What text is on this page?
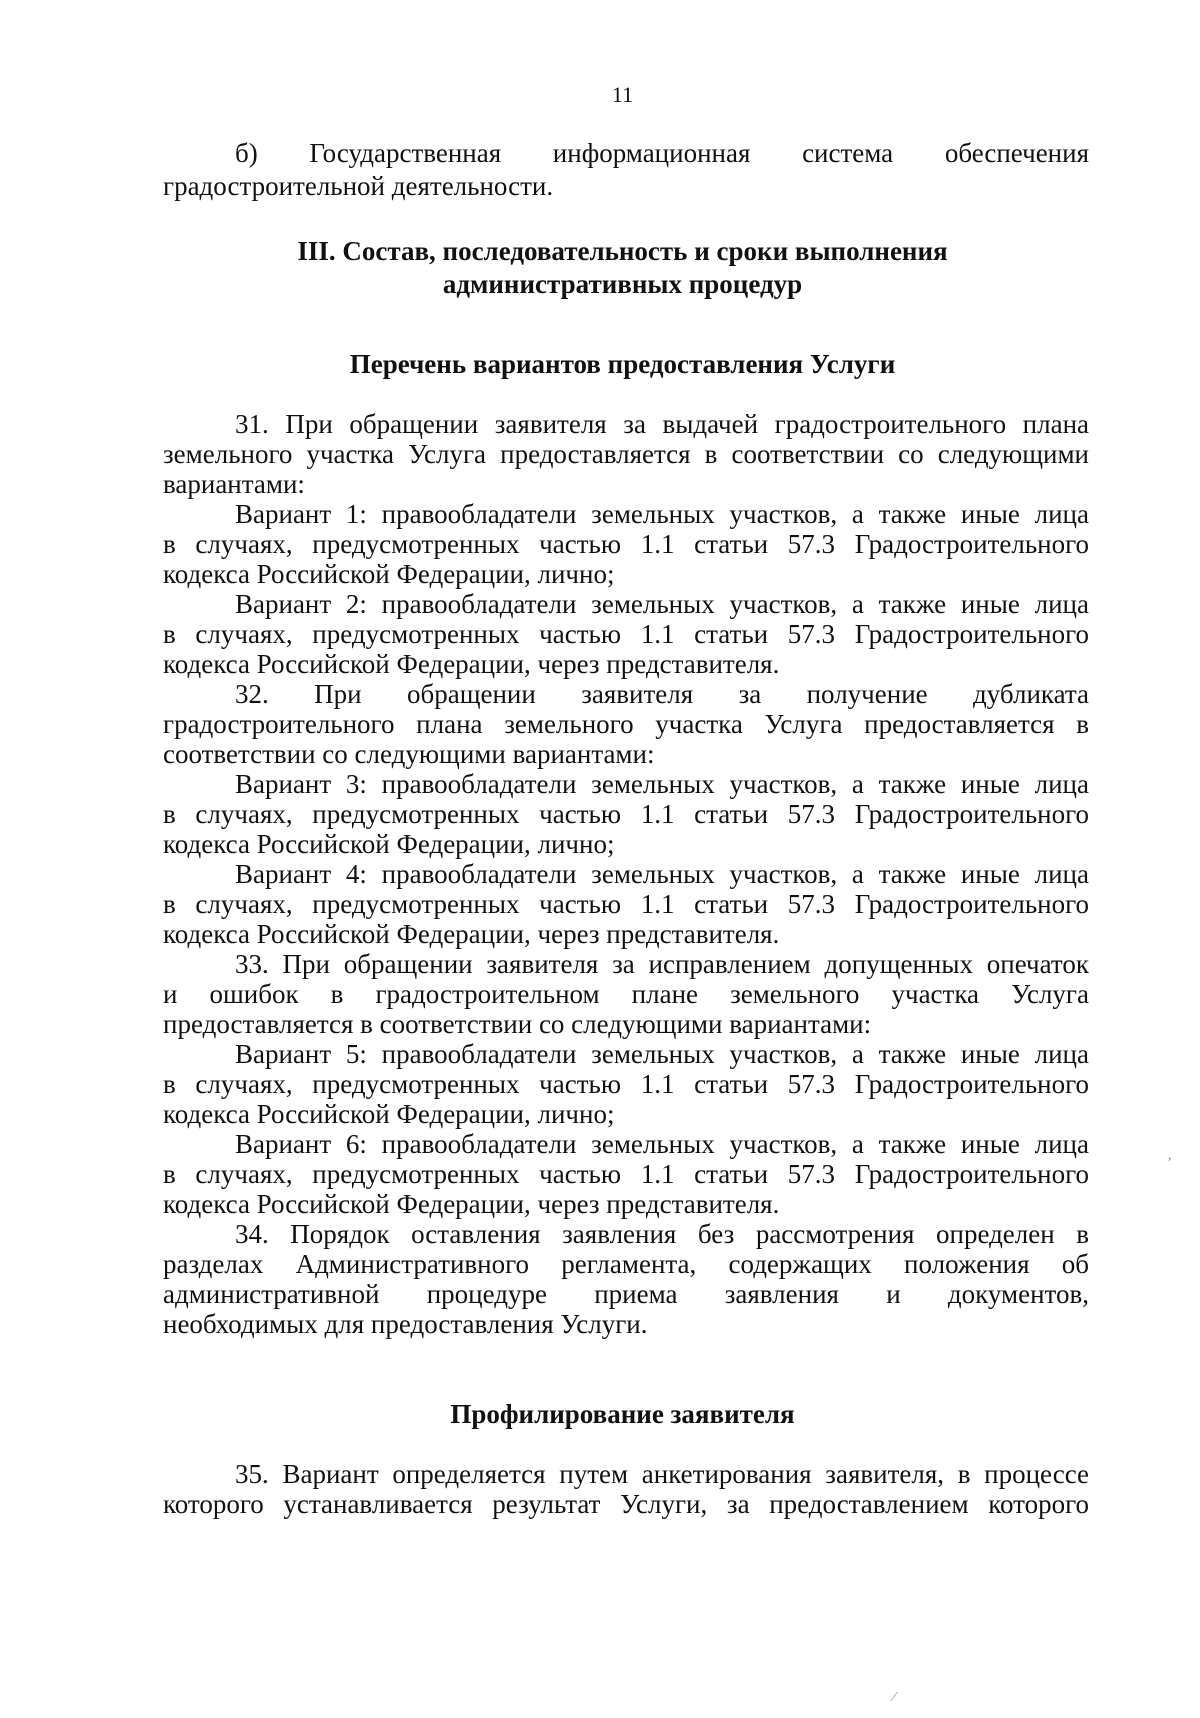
11
б) Государственная информационная система обеспечения
градостроительной деятельности.
III. Состав, последовательность и сроки выполнения
административных процедур
Перечень вариантов предоставления Услуги
31. При обращении заявителя за выдачей градостроительного плана
земельного участка Услуга предоставляется в соответствии со следующими
вариантами:
Вариант 1: правообладатели земельных участков, а также иные лица
в случаях, предусмотренных частью 1.1 статьи 57.3 Градостроительного
кодекса Российской Федерации, лично;
Вариант 2: правообладатели земельных участков, а также иные лица
в случаях, предусмотренных частью 1.1 статьи 57.3 Градостроительного
кодекса Российской Федерации, через представителя.
32. При обращении заявителя за получение дубликата
градостроительного плана земельного участка Услуга предоставляется в
соответствии со следующими вариантами:
Вариант 3: правообладатели земельных участков, а также иные лица
в случаях, предусмотренных частью 1.1 статьи 57.3 Градостроительного
кодекса Российской Федерации, лично;
Вариант 4: правообладатели земельных участков, а также иные лица
в случаях, предусмотренных частью 1.1 статьи 57.3 Градостроительного
кодекса Российской Федерации, через представителя.
33. При обращении заявителя за исправлением допущенных опечаток
и ошибок в градостроительном плане земельного участка Услуга
предоставляется в соответствии со следующими вариантами:
Вариант 5: правообладатели земельных участков, а также иные лица
в случаях, предусмотренных частью 1.1 статьи 57.3 Градостроительного
кодекса Российской Федерации, лично;
Вариант 6: правообладатели земельных участков, а также иные лица
в случаях, предусмотренных частью 1.1 статьи 57.3 Градостроительного
кодекса Российской Федерации, через представителя.
34. Порядок оставления заявления без рассмотрения определен в
разделах Административного регламента, содержащих положения об
административной процедуре приема заявления и документов,
необходимых для предоставления Услуги.
Профилирование заявителя
35. Вариант определяется путем анкетирования заявителя, в процессе
которого устанавливается результат Услуги, за предоставлением которого
,
⁄
